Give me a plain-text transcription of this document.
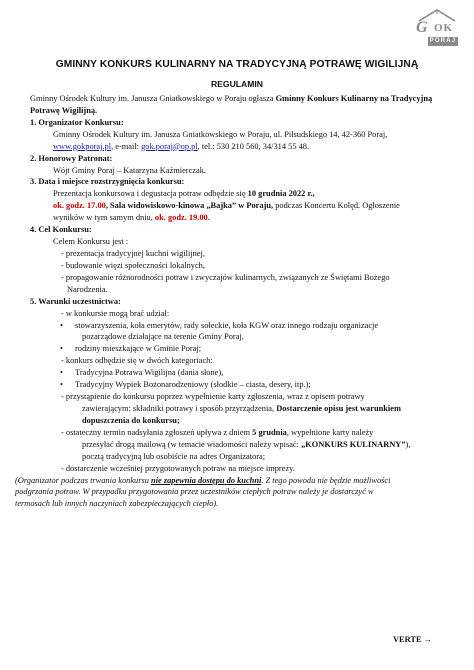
G OK
PORAJ
GMINNY KONKURS KULINARNY NA TRADYCYJNĄ POTRAWĘ WIGILIJNĄ
REGULAMIN

Gminny Ośrodek Kultury im. Janusza Gniatkowskiego w Poraju ogłasza Gminny Konkurs Kulinarny na Tradycyjną Potrawę Wigilijną.

1. Organizator Konkursu:

Gminny Ośrodek Kultury im. Janusza Gniatkowskiego w Poraju, ul. Piłsudskiego 14, 42-360 Poraj,

www.gokporaj.pl, e-mail: gok.poraj@op.pl, tel.: 530 210 560, 34/314 55 48.

2. Honorowy Patronat:

Wójt Gminy Poraj – Katarzyna Kaźmierczak.

3. Data i miejsce rozstrzygnięcia konkursu:

Prezentacja konkursowa i degustacja potraw odbędzie się 10 grudnia 2022 r.,

ok. godz. 17.00, Sala widowiskowo-kinowa „Bajka” w Poraju, podczas Koncertu Kolęd. Ogłoszenie

wyników w tym samym dniu, ok. godz. 19.00.

4. Cel Konkursu:

Celem Konkursu jest :

- prezentacja tradycyjnej kuchni wigilijnej,

- budowanie więzi społeczności lokalnych,

- propagowanie różnorodności potraw i zwyczajów kulinarnych, związanych ze Świętami Bożego

Narodzenia.

5. Warunki uczestnictwa:

- w konkursie mogą brać udział:

• stowarzyszenia, koła emerytów, rady sołeckie, koła KGW oraz innego rodzaju organizacje

pozarządowe działające na terenie Gminy Poraj,

• rodziny mieszkające w Gminie Poraj;

- konkurs odbędzie się w dwóch kategoriach:

• Tradycyjna Potrawa Wigilijna (dania słone),
• Tradycyjny Wypiek Bożonarodzeniowy (słodkie – ciasta, desery, itp.);

- przystąpienie do konkursu poprzez wypełnienie karty zgłoszenia, wraz z opisem potrawy

zawierającym: składniki potrawy i sposób przyrządzenia, Dostarczenie opisu jest warunkiem

dopuszczenia do konkursu;

- ostateczny termin nadsyłania zgłoszeń upływa z dniem 5 grudnia, wypełnione karty należy

przesyłać drogą mailową (w temacie wiadomości należy wpisać: „KONKURS KULINARNY”),

pocztą tradycyjną lub osobiście na adres Organizatora;

- dostarczenie wcześniej przygotowanych potraw na miejsce imprezy.

(Organizator podczas trwania konkursu nie zapewnia dostępu do kuchni. Z tego powodu nie będzie możliwości
podgrzania potraw. W przypadku przygotowania przez uczestników ciepłych potraw należy je dostarczyć w
termosach lub innych naczyniach zabezpieczających ciepło).

VERTE →
